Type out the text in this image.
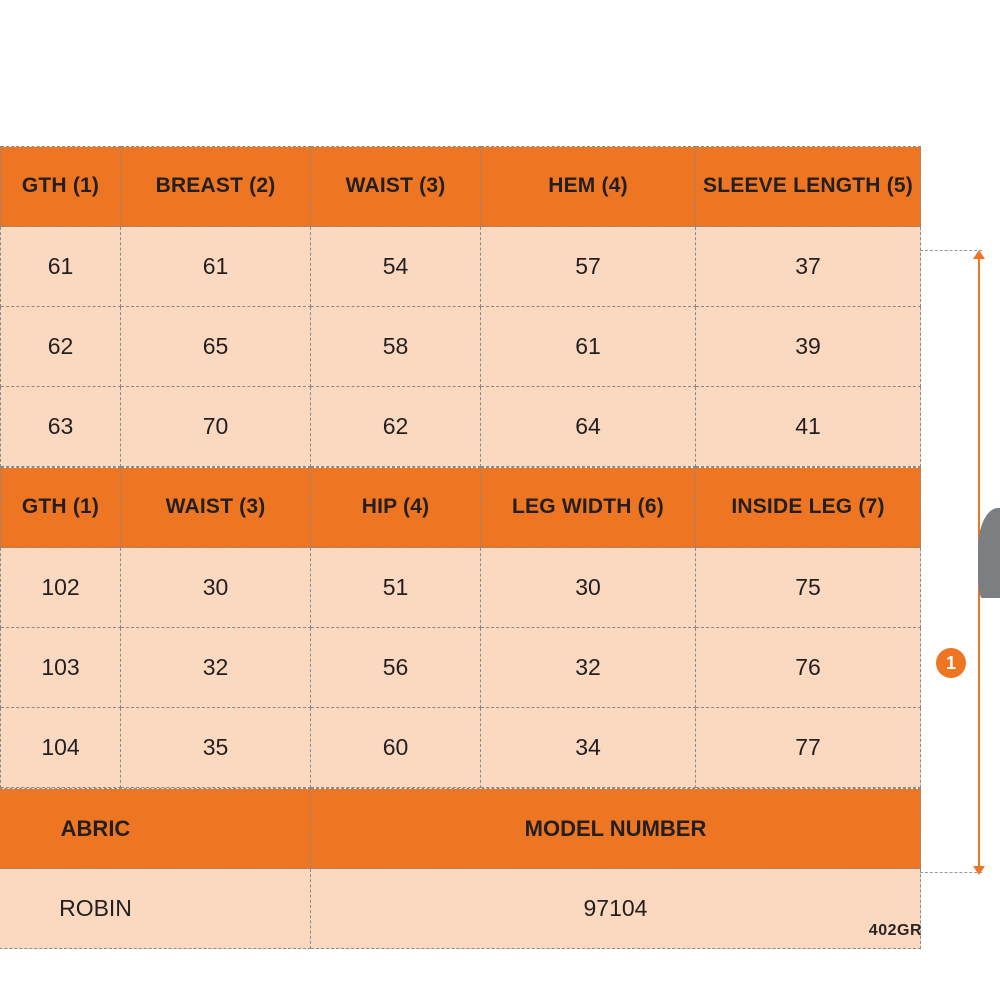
	GTH (1)	BREAST (2)	WAIST (3)	HEM (4)	SLEEVE LENGTH (5)
	61	61	54	57	37
	62	65	58	61	39
	63	70	62	64	41
	GTH (1)	WAIST (3)	HIP (4)	LEG WIDTH (6)	INSIDE LEG (7)
	102	30	51	30	75
	103	32	56	32	76
	104	35	60	34	77
ABRIC	MODEL NUMBER
ROBIN	97104
1
402GR
